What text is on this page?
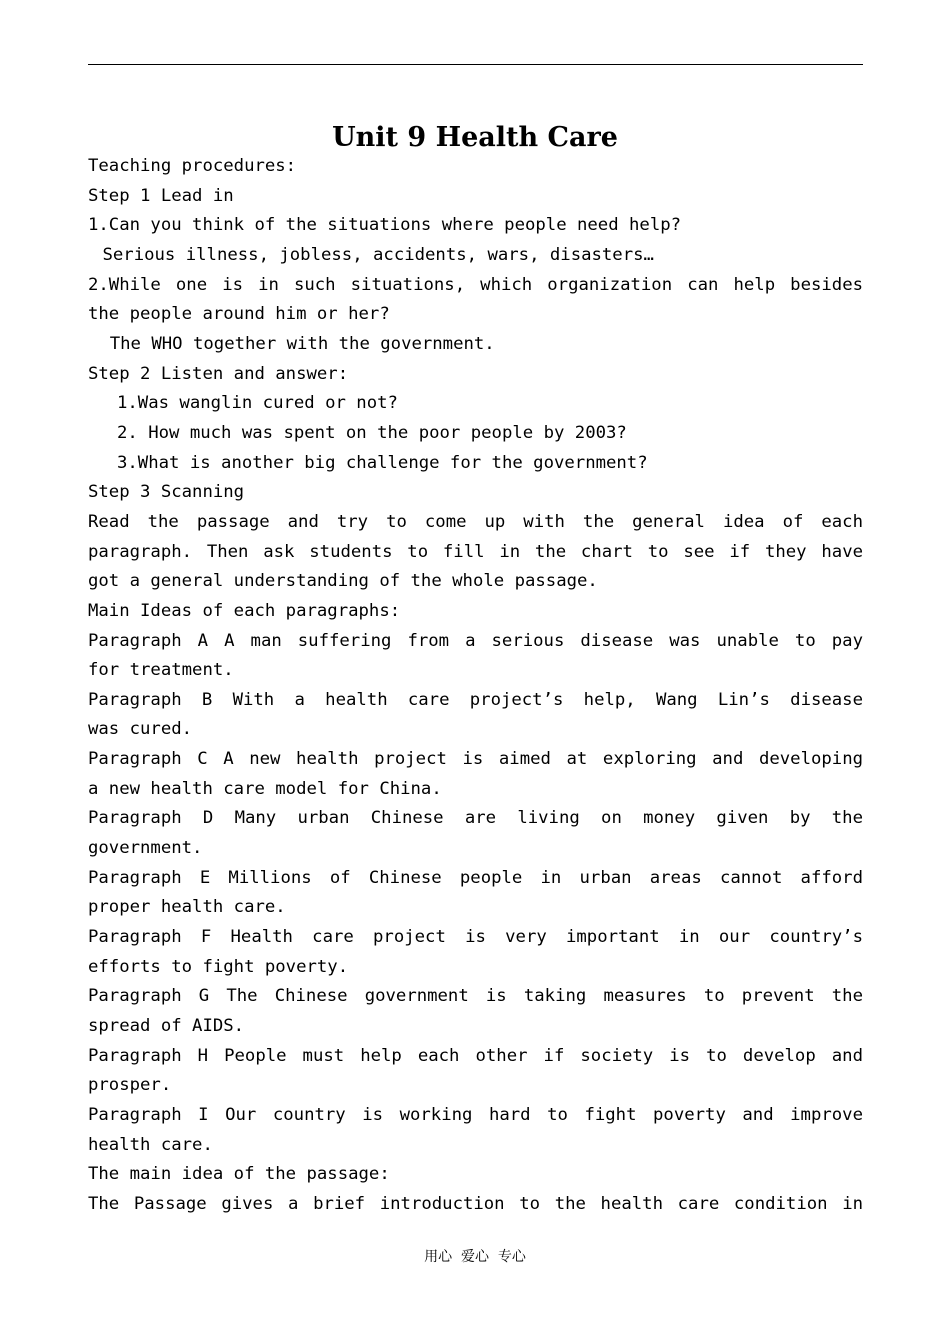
Unit 9 Health Care
Teaching procedures:
Step 1 Lead in
1.Can you think of the situations where people need help?
Serious illness, jobless, accidents, wars, disasters…
2.While one is in such situations, which organization can help besides
the people around him or her?
The WHO together with the government.
Step 2 Listen and answer:
1.Was wanglin cured or not?
2. How much was spent on the poor people by 2003?
3.What is another big challenge for the government?
Step 3 Scanning
Read the passage and try to come up with the general idea of each
paragraph. Then ask students to fill in the chart to see if they have
got a general understanding of the whole passage.
Main Ideas of each paragraphs:
Paragraph A A man suffering from a serious disease was unable to pay
for treatment.
Paragraph B With a health care project’s help, Wang Lin’s disease
was cured.
Paragraph C A new health project is aimed at exploring and developing
a new health care model for China.
Paragraph D Many urban Chinese are living on money given by the
government.
Paragraph E Millions of Chinese people in urban areas cannot afford
proper health care.
Paragraph F Health care project is very important in our country’s
efforts to fight poverty.
Paragraph G The Chinese government is taking measures to prevent the
spread of AIDS.
Paragraph H People must help each other if society is to develop and
prosper.
Paragraph I Our country is working hard to fight poverty and improve
health care.
The main idea of the passage:
The Passage gives a brief introduction to the health care condition in
用心  爱心  专心
